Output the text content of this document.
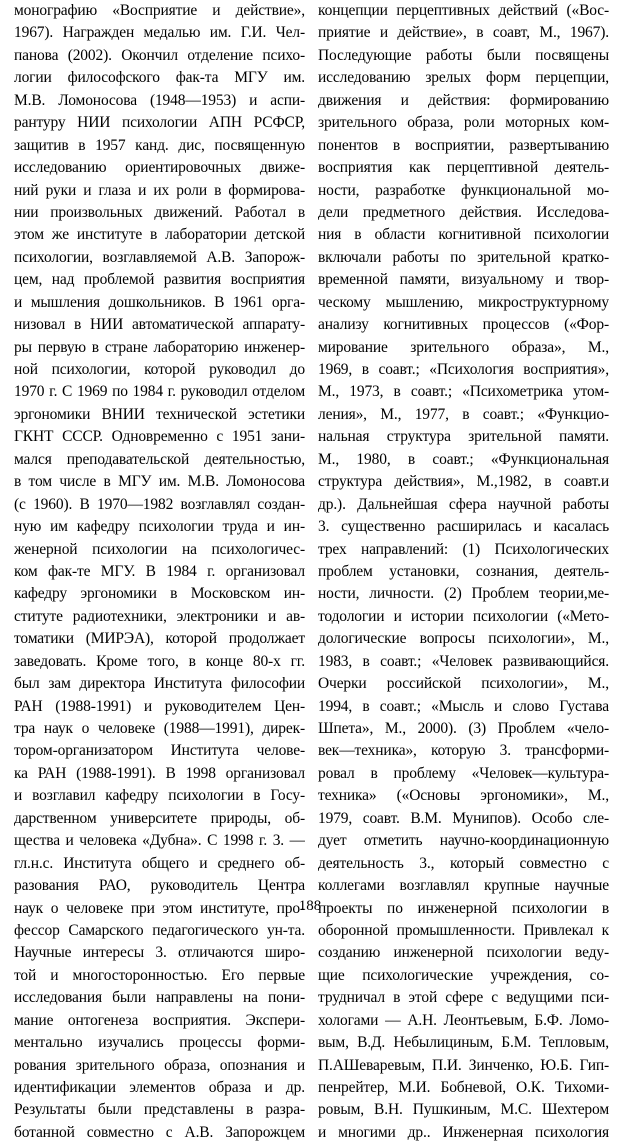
монографию «Восприятие и действие»,
1967). Награжден медалью им. Г.И. Чел-
панова (2002). Окончил отделение психо-
логии философского фак-та МГУ им.
М.В. Ломоносова (1948—1953) и аспи-
рантуру НИИ психологии АПН РСФСР,
защитив в 1957 канд. дис, посвященную
исследованию ориентировочных движе-
ний руки и глаза и их роли в формирова-
нии произвольных движений. Работал в
этом же институте в лаборатории детской
психологии, возглавляемой А.В. Запорож-
цем, над проблемой развития восприятия
и мышления дошкольников. В 1961 орга-
низовал в НИИ автоматической аппарату-
ры первую в стране лабораторию инженер-
ной психологии, которой руководил до
1970 г. С 1969 по 1984 г. руководил отделом
эргономики ВНИИ технической эстетики
ГКНТ СССР. Одновременно с 1951 зани-
мался преподавательской деятельностью,
в том числе в МГУ им. М.В. Ломоносова
(с 1960). В 1970—1982 возглавлял создан-
ную им кафедру психологии труда и ин-
женерной психологии на психологичес-
ком фак-те МГУ. В 1984 г. организовал
кафедру эргономики в Московском ин-
ституте радиотехники, электроники и ав-
томатики (МИРЭА), которой продолжает
заведовать. Кроме того, в конце 80-х гг.
был зам директора Института философии
РАН (1988-1991) и руководителем Цен-
тра наук о человеке (1988—1991), дирек-
тором-организатором Института челове-
ка РАН (1988-1991). В 1998 организовал
и возглавил кафедру психологии в Госу-
дарственном университете природы, об-
щества и человека «Дубна». С 1998 г. 3. —
гл.н.с. Института общего и среднего об-
разования РАО, руководитель Центра
наук о человеке при этом институте, про-
фессор Самарского педагогического ун-та.
Научные интересы 3. отличаются широ-
той и многосторонностью. Его первые
исследования были направлены на пони-
мание онтогенеза восприятия. Экспери-
ментально изучались процессы форми-
рования зрительного образа, опознания и
идентификации элементов образа и др.
Результаты были представлены в разра-
ботанной совместно с А.В. Запорожцем
концепции перцептивных действий («Вос-
приятие и действие», в соавт, М., 1967).
Последующие работы были посвящены
исследованию зрелых форм перцепции,
движения и действия: формированию
зрительного образа, роли моторных ком-
понентов в восприятии, развертыванию
восприятия как перцептивной деятель-
ности, разработке функциональной мо-
дели предметного действия. Исследова-
ния в области когнитивной психологии
включали работы по зрительной кратко-
временной памяти, визуальному и твор-
ческому мышлению, микроструктурному
анализу когнитивных процессов («Фор-
мирование зрительного образа», М.,
1969, в соавт.; «Психология восприятия»,
М., 1973, в соавт.; «Психометрика утом-
ления», М., 1977, в соавт.; «Функцио-
нальная структура зрительной памяти.
М., 1980, в соавт.; «Функциональная
структура действия», М.,1982, в соавт.и
др.). Дальнейшая сфера научной работы
3. существенно расширилась и касалась
трех направлений: (1) Психологических
проблем установки, сознания, деятель-
ности, личности. (2) Проблем теории,ме-
тодологии и истории психологии («Мето-
дологические вопросы психологии», М.,
1983, в соавт.; «Человек развивающийся.
Очерки российской психологии», М.,
1994, в соавт.; «Мысль и слово Густава
Шпета», М., 2000). (3) Проблем «чело-
век—техника», которую 3. трансформи-
ровал в проблему «Человек—культура-
техника» («Основы эргономики», М.,
1979, соавт. В.М. Мунипов). Особо сле-
дует отметить научно-координационную
деятельность 3., который совместно с
коллегами возглавлял крупные научные
проекты по инженерной психологии в
оборонной промышленности. Привлекал к
созданию инженерной психологии веду-
щие психологические учреждения, со-
трудничал в этой сфере с ведущими пси-
хологами — А.Н. Леонтьевым, Б.Ф. Ломо-
вым, В.Д. Небылициным, Б.М. Тепловым,
П.АШеваревым, П.И. Зинченко, Ю.Б. Гип-
пенрейтер, М.И. Бобневой, О.К. Тихоми-
ровым, В.Н. Пушкиным, М.С. Шехтером
и многими др.. Инженерная психология
188
